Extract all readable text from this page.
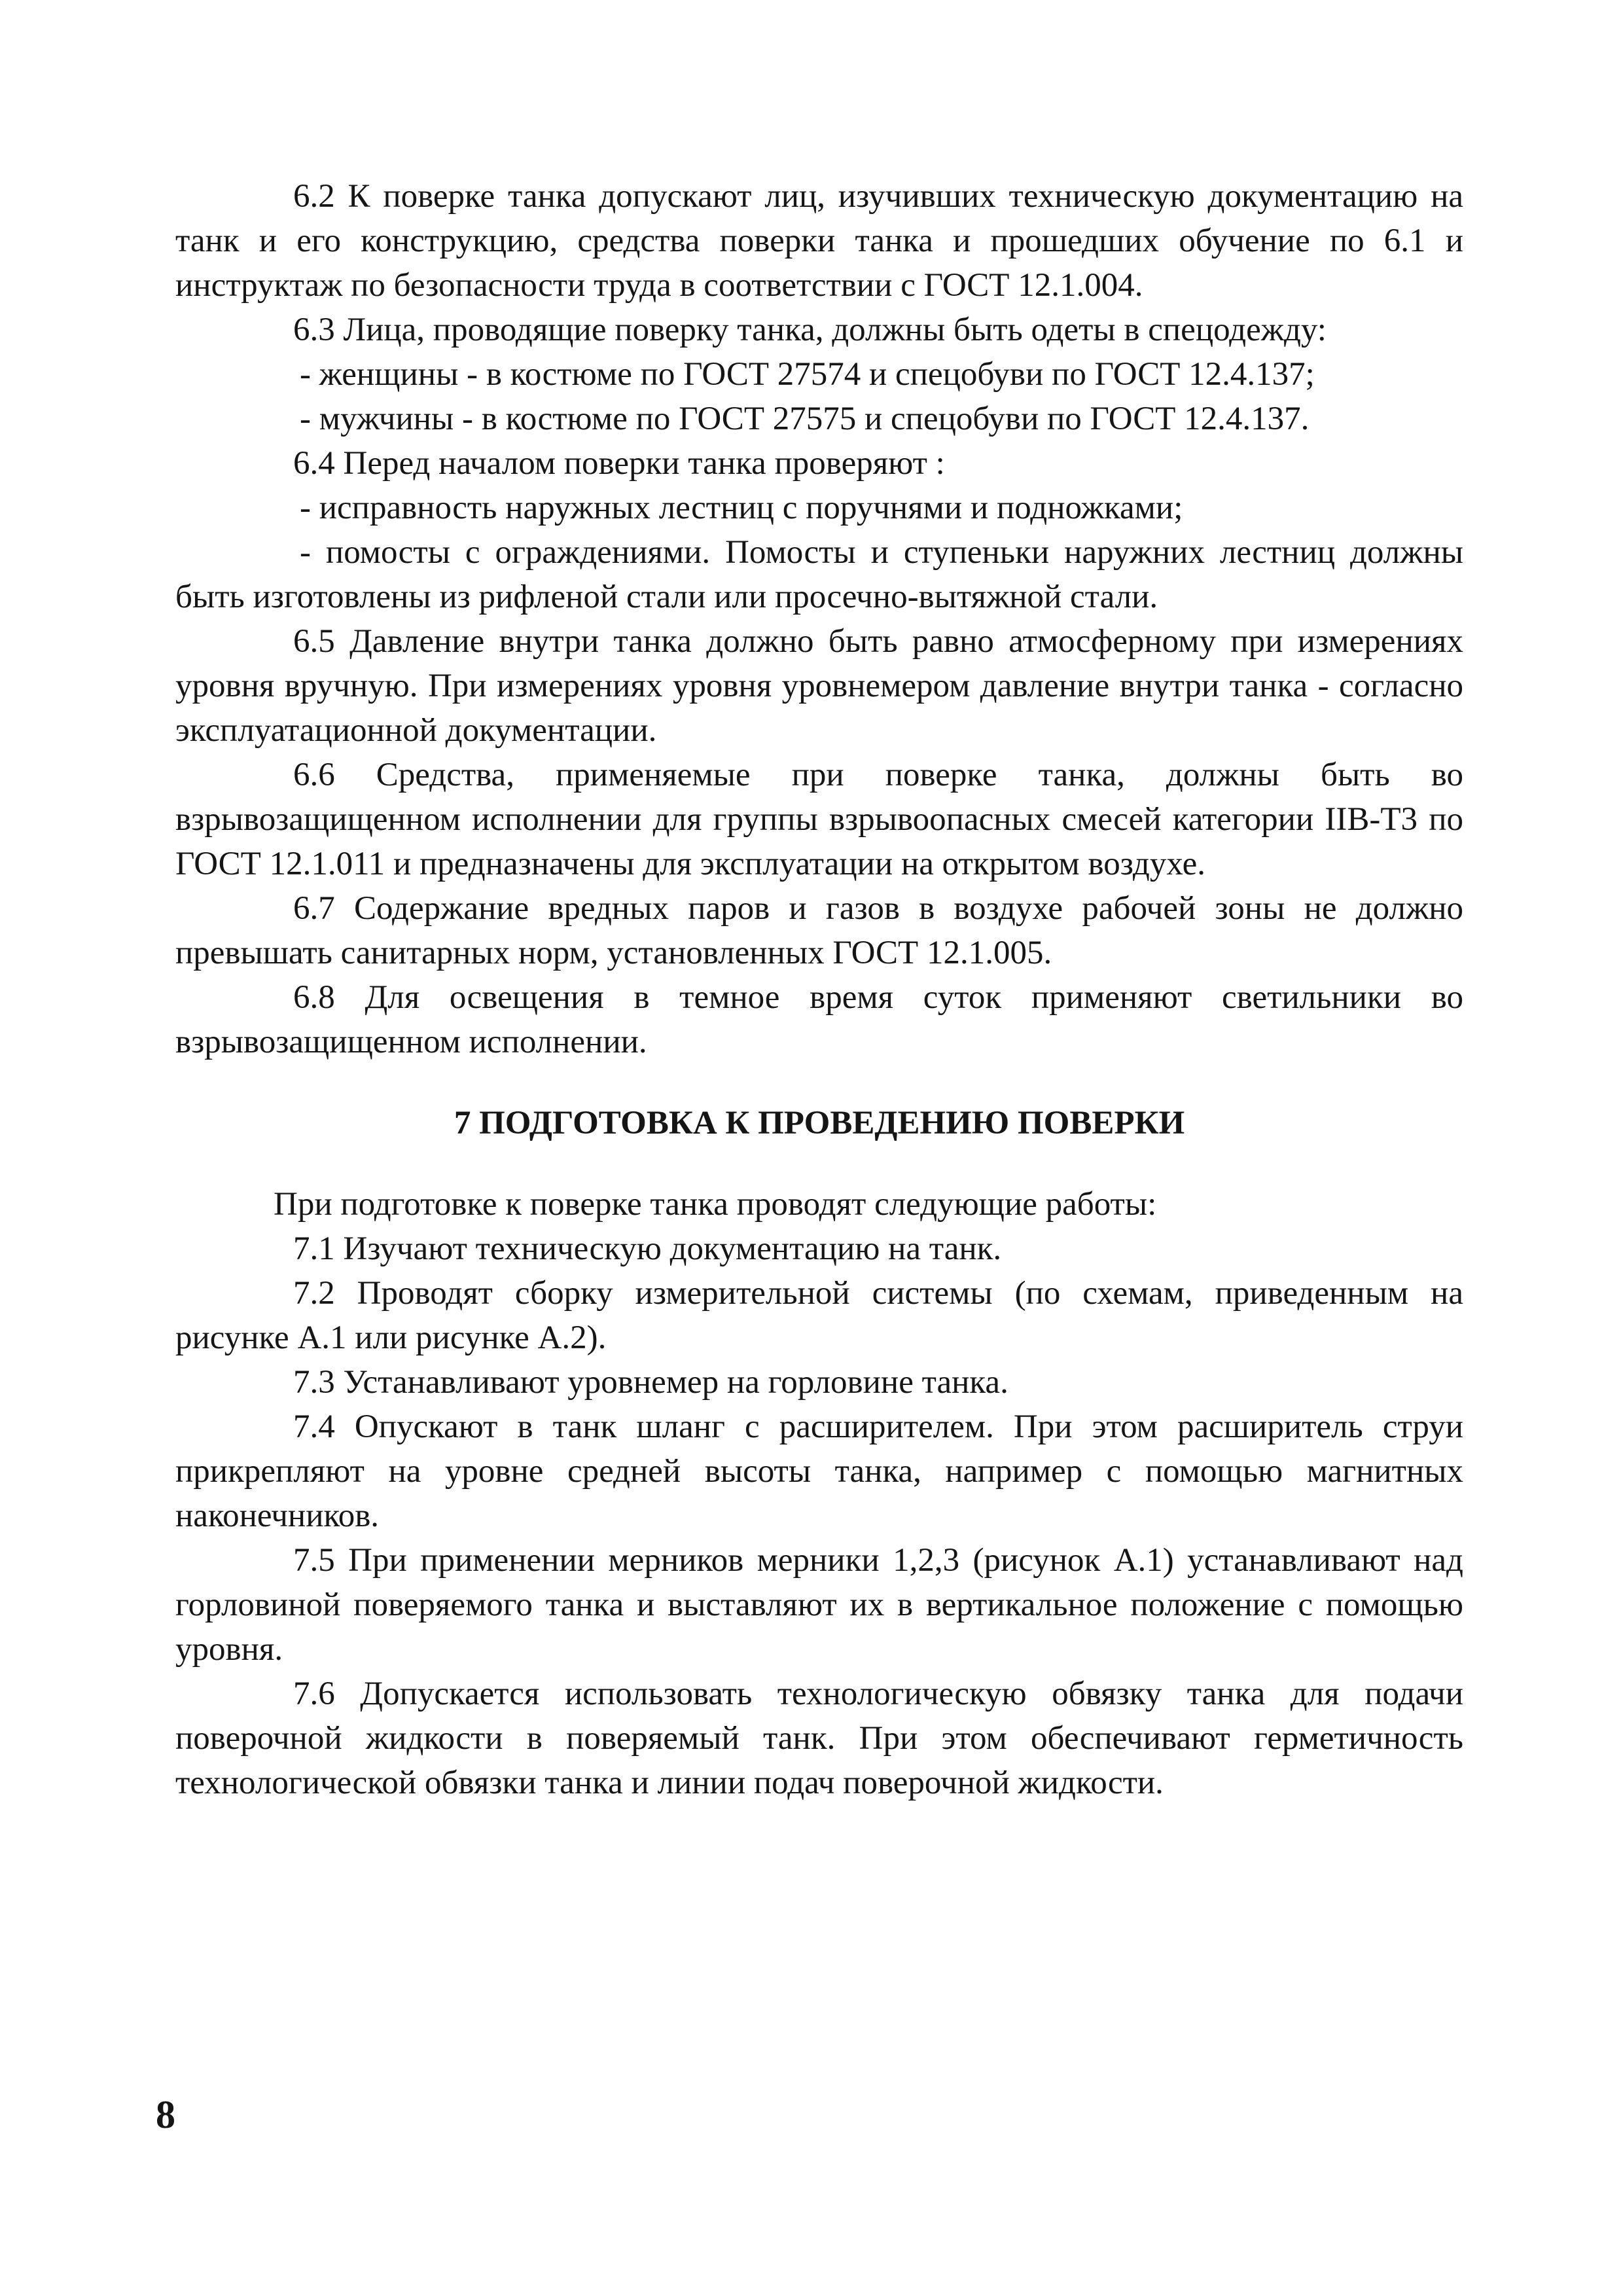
6.2 К поверке танка допускают лиц, изучивших техническую документацию на танк и его конструкцию, средства поверки танка и прошедших обучение по 6.1 и инструктаж по безопасности труда в соответствии с ГОСТ 12.1.004.

6.3 Лица, проводящие поверку танка, должны быть одеты в спецодежду:

- женщины - в костюме по ГОСТ 27574 и спецобуви по ГОСТ 12.4.137;

- мужчины - в костюме по ГОСТ 27575 и спецобуви по ГОСТ 12.4.137.

6.4 Перед началом поверки танка проверяют :

- исправность наружных лестниц с поручнями и подножками;

- помосты с ограждениями. Помосты и ступеньки наружних лестниц должны быть изготовлены из рифленой стали или просечно-вытяжной стали.

6.5 Давление внутри танка должно быть равно атмосферному при измерениях уровня вручную. При измерениях уровня уровнемером давление внутри танка - согласно эксплуатационной документации.

6.6 Средства, применяемые при поверке танка, должны быть во взрывозащищенном исполнении для группы взрывоопасных смесей категории IIВ-Т3 по ГОСТ 12.1.011 и предназначены для эксплуатации на открытом воздухе.

6.7 Содержание вредных паров и газов в воздухе рабочей зоны не должно превышать санитарных норм, установленных ГОСТ 12.1.005.

6.8 Для освещения в темное время суток применяют светильники во взрывозащищенном исполнении.

7 ПОДГОТОВКА К ПРОВЕДЕНИЮ ПОВЕРКИ

При подготовке к поверке танка проводят следующие работы:

7.1 Изучают техническую документацию на танк.

7.2 Проводят сборку измерительной системы (по схемам, приведенным на рисунке А.1 или рисунке А.2).

7.3 Устанавливают уровнемер на горловине танка.

7.4 Опускают в танк шланг с расширителем. При этом расширитель струи прикрепляют на уровне средней высоты танка, например с помощью магнитных наконечников.

7.5 При применении мерников мерники 1,2,3 (рисунок А.1) устанавливают над горловиной поверяемого танка и выставляют их в вертикальное положение с помощью уровня.

7.6 Допускается использовать технологическую обвязку танка для подачи поверочной жидкости в поверяемый танк. При этом обеспечивают герметичность технологической обвязки танка и линии подач поверочной жидкости.

8
